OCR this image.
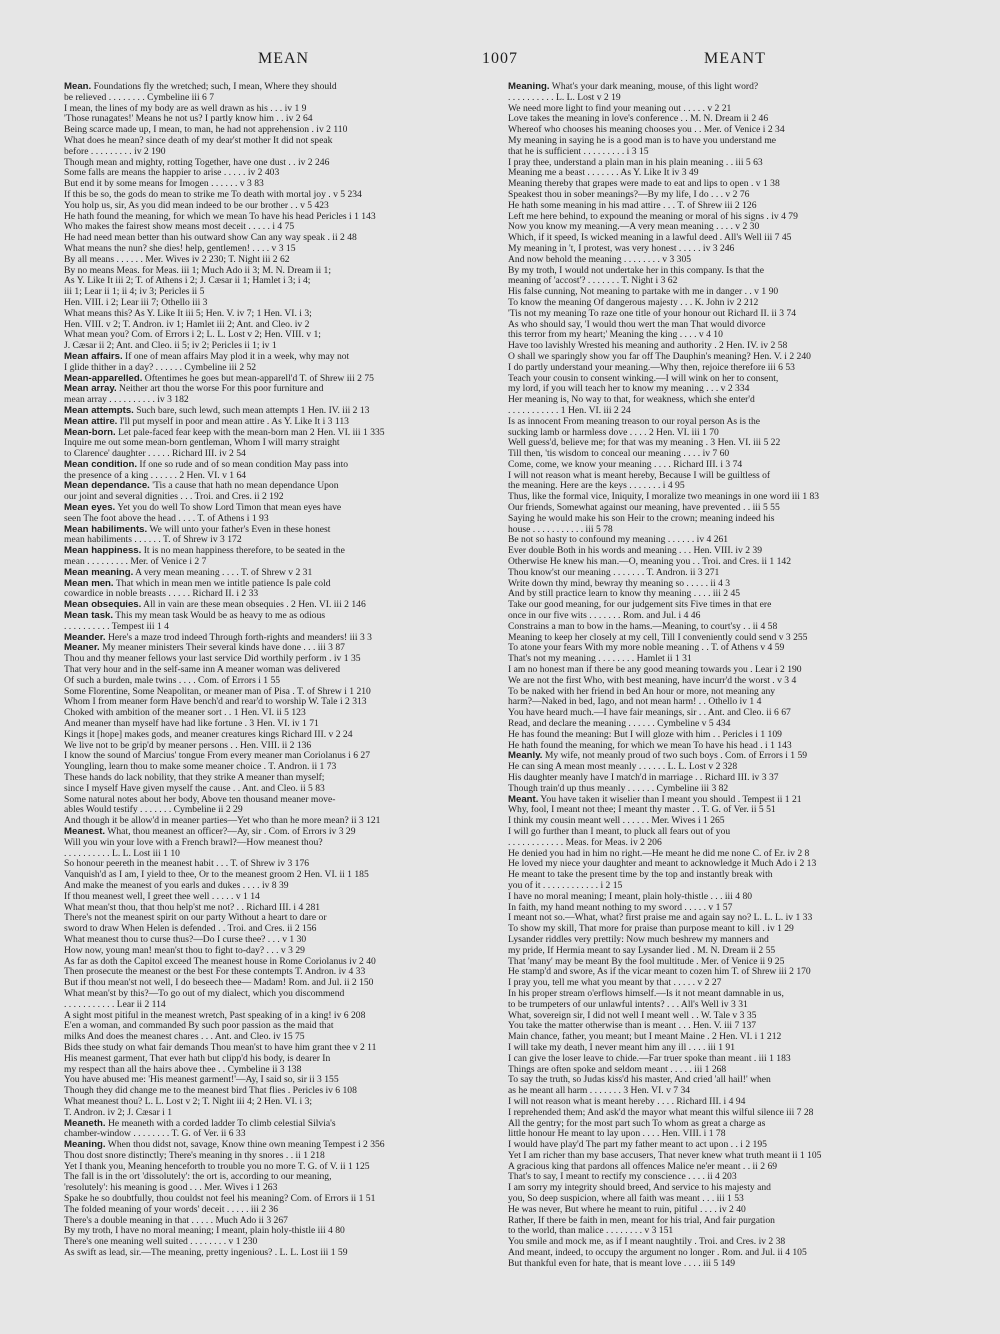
MEAN	1007	MEANT
Mean. Foundations fly the wretched; such, I mean, Where they should
be relieved . . . . . . . . Cymbeline iii 6 7
I mean, the lines of my body are as well drawn as his . . . iv 1 9
'Those runagates!' Means he not us? I partly know him . . iv 2 64
Being scarce made up, I mean, to man, he had not apprehension . iv 2 110
What does he mean? since death of my dear'st mother It did not speak
before . . . . . . . . . iv 2 190
Though mean and mighty, rotting Together, have one dust . . iv 2 246
Some falls are means the happier to arise . . . . . iv 2 403
But end it by some means for Imogen . . . . . . v 3 83
If this be so, the gods do mean to strike me To death with mortal joy . v 5 234
You holp us, sir, As you did mean indeed to be our brother . . v 5 423
He hath found the meaning, for which we mean To have his head Pericles i 1 143
Who makes the fairest show means most deceit . . . . . i 4 75
He had need mean better than his outward show Can any way speak . ii 2 48
What means the nun? she dies! help, gentlemen! . . . . v 3 15
By all means . . . . . . Mer. Wives iv 2 230; T. Night iii 2 62
By no means Meas. for Meas. iii 1; Much Ado ii 3; M. N. Dream ii 1;
As Y. Like It iii 2; T. of Athens i 2; J. Cæsar ii 1; Hamlet i 3; i 4;
iii 1; Lear ii 1; ii 4; iv 3; Pericles ii 5
Hen. VIII. i 2; Lear iii 7; Othello iii 3
What means this? As Y. Like It iii 5; Hen. V. iv 7; 1 Hen. VI. i 3;
Hen. VIII. v 2; T. Andron. iv 1; Hamlet iii 2; Ant. and Cleo. iv 2
What mean you? Com. of Errors i 2; L. L. Lost v 2; Hen. VIII. v 1;
J. Cæsar ii 2; Ant. and Cleo. ii 5; iv 2; Pericles ii 1; iv 1
Mean affairs. If one of mean affairs May plod it in a week, why may not
I glide thither in a day? . . . . . . Cymbeline iii 2 52
Mean-apparelled. Oftentimes he goes but mean-apparell'd T. of Shrew iii 2 75
Mean array. Neither art thou the worse For this poor furniture and
mean array . . . . . . . . . . iv 3 182
Mean attempts. Such bare, such lewd, such mean attempts 1 Hen. IV. iii 2 13
Mean attire. I'll put myself in poor and mean attire . As Y. Like It i 3 113
Mean-born. Let pale-faced fear keep with the mean-born man 2 Hen. VI. iii 1 335
Inquire me out some mean-born gentleman, Whom I will marry straight
to Clarence' daughter . . . . . Richard III. iv 2 54
Mean condition. If one so rude and of so mean condition May pass into
the presence of a king . . . . . . 2 Hen. VI. v 1 64
Mean dependance. 'Tis a cause that hath no mean dependance Upon
our joint and several dignities . . . Troi. and Cres. ii 2 192
Mean eyes. Yet you do well To show Lord Timon that mean eyes have
seen The foot above the head . . . . T. of Athens i 1 93
Mean habiliments. We will unto your father's Even in these honest
mean habiliments . . . . . . T. of Shrew iv 3 172
Mean happiness. It is no mean happiness therefore, to be seated in the
mean . . . . . . . . . Mer. of Venice i 2 7
Mean meaning. A very mean meaning . . . . T. of Shrew v 2 31
Mean men. That which in mean men we intitle patience Is pale cold
cowardice in noble breasts . . . . . Richard II. i 2 33
Mean obsequies. All in vain are these mean obsequies . 2 Hen. VI. iii 2 146
Mean task. This my mean task Would be as heavy to me as odious
. . . . . . . . . . Tempest iii 1 4
Meander. Here's a maze trod indeed Through forth-rights and meanders! iii 3 3
Meaner. My meaner ministers Their several kinds have done . . . iii 3 87
Thou and thy meaner fellows your last service Did worthily perform . iv 1 35
That very hour and in the self-same inn A meaner woman was delivered
Of such a burden, male twins . . . . Com. of Errors i 1 55
Some Florentine, Some Neapolitan, or meaner man of Pisa . T. of Shrew i 1 210
Whom I from meaner form Have bench'd and rear'd to worship W. Tale i 2 313
Choked with ambition of the meaner sort . . 1 Hen. VI. ii 5 123
And meaner than myself have had like fortune . 3 Hen. VI. iv 1 71
Kings it [hope] makes gods, and meaner creatures kings Richard III. v 2 24
We live not to be grip'd by meaner persons . . Hen. VIII. ii 2 136
I know the sound of Marcius' tongue From every meaner man Coriolanus i 6 27
Youngling, learn thou to make some meaner choice . T. Andron. ii 1 73
These hands do lack nobility, that they strike A meaner than myself;
since I myself Have given myself the cause . . Ant. and Cleo. ii 5 83
Some natural notes about her body, Above ten thousand meaner move-
ables Would testify . . . . . . . Cymbeline ii 2 29
And though it be allow'd in meaner parties—Yet who than he more mean? ii 3 121
Meanest. What, thou meanest an officer?—Ay, sir . Com. of Errors iv 3 29
Will you win your love with a French brawl?—How meanest thou?
. . . . . . . . . . L. L. Lost iii 1 10
So honour peereth in the meanest habit . . . T. of Shrew iv 3 176
Vanquish'd as I am, I yield to thee, Or to the meanest groom 2 Hen. VI. ii 1 185
And make the meanest of you earls and dukes . . . . iv 8 39
If thou meanest well, I greet thee well . . . . . v 1 14
What mean'st thou, that thou help'st me not? . . Richard III. i 4 281
There's not the meanest spirit on our party Without a heart to dare or
sword to draw When Helen is defended . . Troi. and Cres. ii 2 156
What meanest thou to curse thus?—Do I curse thee? . . . v 1 30
How now, young man! mean'st thou to fight to-day? . . . v 3 29
As far as doth the Capitol exceed The meanest house in Rome Coriolanus iv 2 40
Then prosecute the meanest or the best For these contempts T. Andron. iv 4 33
But if thou mean'st not well, I do beseech thee— Madam! Rom. and Jul. ii 2 150
What mean'st by this?—To go out of my dialect, which you discommend
. . . . . . . . . . . Lear ii 2 114
A sight most pitiful in the meanest wretch, Past speaking of in a king! iv 6 208
E'en a woman, and commanded By such poor passion as the maid that
milks And does the meanest chares . . . Ant. and Cleo. iv 15 75
Bids thee study on what fair demands Thou mean'st to have him grant thee v 2 11
His meanest garment, That ever hath but clipp'd his body, is dearer In
my respect than all the hairs above thee . . Cymbeline ii 3 138
You have abused me: 'His meanest garment!'—Ay, I said so, sir ii 3 155
Though they did change me to the meanest bird That flies . Pericles iv 6 108
What meanest thou? L. L. Lost v 2; T. Night iii 4; 2 Hen. VI. i 3;
T. Andron. iv 2; J. Cæsar i 1
Meaneth. He meaneth with a corded ladder To climb celestial Silvia's
chamber-window . . . . . . . . T. G. of Ver. ii 6 33
Meaning. When thou didst not, savage, Know thine own meaning Tempest i 2 356
Thou dost snore distinctly; There's meaning in thy snores . . ii 1 218
Yet I thank you, Meaning henceforth to trouble you no more T. G. of V. ii 1 125
The fall is in the ort 'dissolutely': the ort is, according to our meaning,
'resolutely': his meaning is good . . . Mer. Wives i 1 263
Spake he so doubtfully, thou couldst not feel his meaning? Com. of Errors ii 1 51
The folded meaning of your words' deceit . . . . . iii 2 36
There's a double meaning in that . . . . . Much Ado ii 3 267
By my troth, I have no moral meaning; I meant, plain holy-thistle iii 4 80
There's one meaning well suited . . . . . . . . v 1 230
As swift as lead, sir.—The meaning, pretty ingenious? . L. L. Lost iii 1 59
Meaning. What's your dark meaning, mouse, of this light word?
. . . . . . . . . . L. L. Lost v 2 19
We need more light to find your meaning out . . . . . v 2 21
Love takes the meaning in love's conference . . M. N. Dream ii 2 46
Whereof who chooses his meaning chooses you . . Mer. of Venice i 2 34
My meaning in saying he is a good man is to have you understand me
that he is sufficient . . . . . . . . . i 3 15
I pray thee, understand a plain man in his plain meaning . . iii 5 63
Meaning me a beast . . . . . . . As Y. Like It iv 3 49
Meaning thereby that grapes were made to eat and lips to open . v 1 38
Speakest thou in sober meanings?—By my life, I do . . . v 2 76
He hath some meaning in his mad attire . . . T. of Shrew iii 2 126
Left me here behind, to expound the meaning or moral of his signs . iv 4 79
Now you know my meaning.—A very mean meaning . . . . v 2 30
Which, if it speed, Is wicked meaning in a lawful deed . All's Well iii 7 45
My meaning in 't, I protest, was very honest . . . . . iv 3 246
And now behold the meaning . . . . . . . . v 3 305
By my troth, I would not undertake her in this company. Is that the
meaning of 'accost'? . . . . . . . T. Night i 3 62
His false cunning, Not meaning to partake with me in danger . . v 1 90
To know the meaning Of dangerous majesty . . . K. John iv 2 212
'Tis not my meaning To raze one title of your honour out Richard II. ii 3 74
As who should say, 'I would thou wert the man That would divorce
this terror from my heart;' Meaning the king . . . . v 4 10
Have too lavishly Wrested his meaning and authority . 2 Hen. IV. iv 2 58
O shall we sparingly show you far off The Dauphin's meaning? Hen. V. i 2 240
I do partly understand your meaning.—Why then, rejoice therefore iii 6 53
Teach your cousin to consent winking.—I will wink on her to consent,
my lord, if you will teach her to know my meaning . . . v 2 334
Her meaning is, No way to that, for weakness, which she enter'd
. . . . . . . . . . . 1 Hen. VI. iii 2 24
Is as innocent From meaning treason to our royal person As is the
sucking lamb or harmless dove . . . . 2 Hen. VI. iii 1 70
Well guess'd, believe me; for that was my meaning . 3 Hen. VI. iii 5 22
Till then, 'tis wisdom to conceal our meaning . . . . iv 7 60
Come, come, we know your meaning . . . . Richard III. i 3 74
I will not reason what is meant hereby, Because I will be guiltless of
the meaning. Here are the keys . . . . . . . i 4 95
Thus, like the formal vice, Iniquity, I moralize two meanings in one word iii 1 83
Our friends, Somewhat against our meaning, have prevented . . iii 5 55
Saying he would make his son Heir to the crown; meaning indeed his
house . . . . . . . . . . . iii 5 78
Be not so hasty to confound my meaning . . . . . . iv 4 261
Ever double Both in his words and meaning . . . Hen. VIII. iv 2 39
Otherwise He knew his man.—O, meaning you . . Troi. and Cres. ii 1 142
Thou know'st our meaning . . . . . . . T. Andron. ii 3 271
Write down thy mind, bewray thy meaning so . . . . . ii 4 3
And by still practice learn to know thy meaning . . . . iii 2 45
Take our good meaning, for our judgement sits Five times in that ere
once in our five wits . . . . . . . Rom. and Jul. i 4 46
Constrains a man to bow in the hams.—Meaning, to court'sy . . ii 4 58
Meaning to keep her closely at my cell, Till I conveniently could send v 3 255
To atone your fears With my more noble meaning . . T. of Athens v 4 59
That's not my meaning . . . . . . . . Hamlet ii 1 31
I am no honest man if there be any good meaning towards you . Lear i 2 190
We are not the first Who, with best meaning, have incurr'd the worst . v 3 4
To be naked with her friend in bed An hour or more, not meaning any
harm?—Naked in bed, Iago, and not mean harm! . . Othello iv 1 4
You have heard much.—I have fair meanings, sir . . Ant. and Cleo. ii 6 67
Read, and declare the meaning . . . . . . Cymbeline v 5 434
He has found the meaning: But I will gloze with him . . Pericles i 1 109
He hath found the meaning, for which we mean To have his head . i 1 143
Meanly. My wife, not meanly proud of two such boys . Com. of Errors i 1 59
He can sing A mean most meanly . . . . . . L. L. Lost v 2 328
His daughter meanly have I match'd in marriage . . Richard III. iv 3 37
Though train'd up thus meanly . . . . . . Cymbeline iii 3 82
Meant. You have taken it wiselier than I meant you should . Tempest ii 1 21
Why, fool, I meant not thee; I meant thy master . . T. G. of Ver. ii 5 51
I think my cousin meant well . . . . . . Mer. Wives i 1 265
I will go further than I meant, to pluck all fears out of you
. . . . . . . . . . . . Meas. for Meas. iv 2 206
He denied you had in him no right.—He meant he did me none C. of Er. iv 2 8
He loved my niece your daughter and meant to acknowledge it Much Ado i 2 13
He meant to take the present time by the top and instantly break with
you of it . . . . . . . . . . . . i 2 15
I have no moral meaning; I meant, plain holy-thistle . . . iii 4 80
In faith, my hand meant nothing to my sword . . . . . v 1 57
I meant not so.—What, what? first praise me and again say no? L. L. L. iv 1 33
To show my skill, That more for praise than purpose meant to kill . iv 1 29
Lysander riddles very prettily: Now much beshrew my manners and
my pride, If Hermia meant to say Lysander lied . M. N. Dream ii 2 55
That 'many' may be meant By the fool multitude . Mer. of Venice ii 9 25
He stamp'd and swore, As if the vicar meant to cozen him T. of Shrew iii 2 170
I pray you, tell me what you meant by that . . . . . v 2 27
In his proper stream o'erflows himself.—Is it not meant damnable in us,
to be trumpeters of our unlawful intents? . . . All's Well iv 3 31
What, sovereign sir, I did not well I meant well . . W. Tale v 3 35
You take the matter otherwise than is meant . . . Hen. V. iii 7 137
Main chance, father, you meant; but I meant Maine . 2 Hen. VI. i 1 212
I will take my death, I never meant him any ill . . . . iii 1 91
I can give the loser leave to chide.—Far truer spoke than meant . iii 1 183
Things are often spoke and seldom meant . . . . . iii 1 268
To say the truth, so Judas kiss'd his master, And cried 'all hail!' when
as he meant all harm . . . . . . . 3 Hen. VI. v 7 34
I will not reason what is meant hereby . . . . Richard III. i 4 94
I reprehended them; And ask'd the mayor what meant this wilful silence iii 7 28
All the gentry; for the most part such To whom as great a charge as
little honour He meant to lay upon . . . . Hen. VIII. i 1 78
I would have play'd The part my father meant to act upon . . i 2 195
Yet I am richer than my base accusers, That never knew what truth meant ii 1 105
A gracious king that pardons all offences Malice ne'er meant . . ii 2 69
That's to say, I meant to rectify my conscience . . . . ii 4 203
I am sorry my integrity should breed, And service to his majesty and
you, So deep suspicion, where all faith was meant . . . iii 1 53
He was never, But where he meant to ruin, pitiful . . . . iv 2 40
Rather, If there be faith in men, meant for his trial, And fair purgation
to the world, than malice . . . . . . . . v 3 151
You smile and mock me, as if I meant naughtily . Troi. and Cres. iv 2 38
And meant, indeed, to occupy the argument no longer . Rom. and Jul. ii 4 105
But thankful even for hate, that is meant love . . . . iii 5 149
